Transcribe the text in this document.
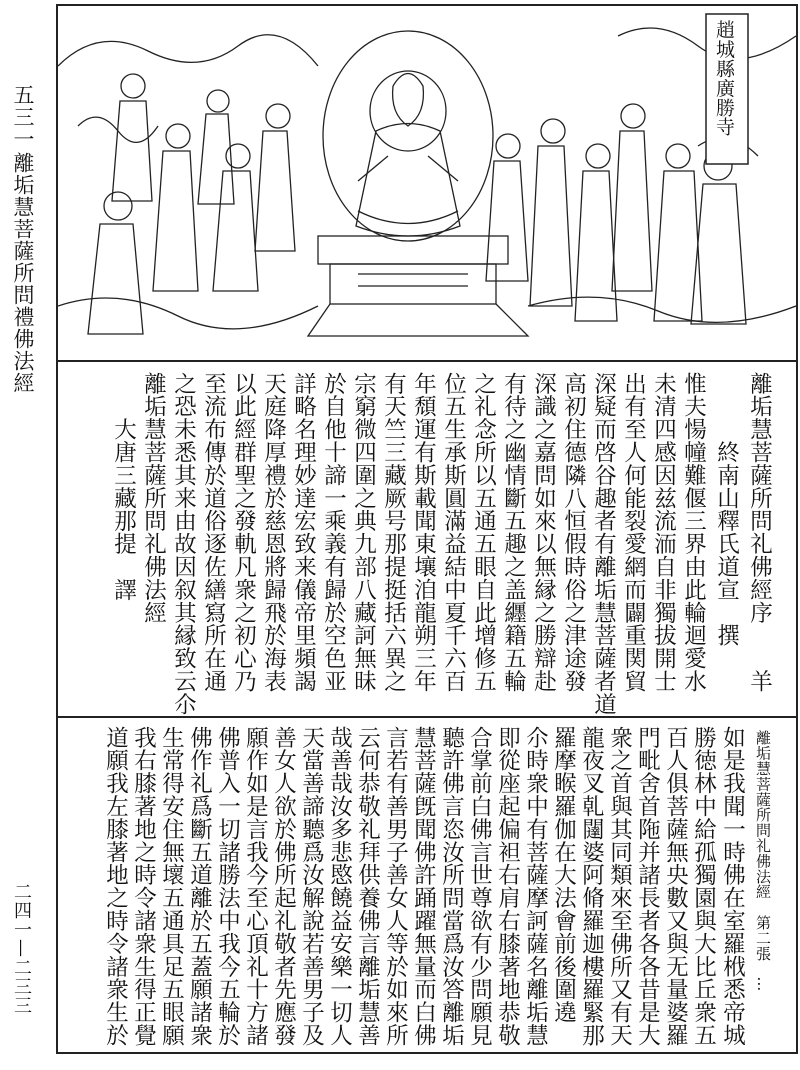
五三一
離垢慧菩薩所問禮佛法經
二四一—二三三
趙城縣廣勝寺
離垢慧菩薩所問礼佛經序　　羊
　　　終南山釋氏道宣　撰
惟夫愓幢難偃三界由此輪迴愛水
未清四感因兹流洏自非獨拔開士
出有至人何能裂愛網而闢重関貿
深疑而啓谷趣者有離垢慧菩薩者道
高初住德隣八恒假時俗之津途發
深識之嘉問如來以無縁之勝辯赴
有待之幽情斷五趣之盖纒籍五輪
之礼念所以五通五眼自此增修五
位五生承斯圓滿益結中夏千六百
年頹運有斯載聞東壤洎龍朔三年
有天竺三藏厥号那提挺括六異之
宗窮微四圍之典九部八藏訶無昧
於自他十諦一乘義有歸於空色亚
詳略名理妙達宏致来儀帝里頻謁
天庭降厚禮於慈恩將歸飛於海表
以此經群聖之發軌凡衆之初心乃
至流布傳於道俗逐佐繕寫所在通
之恐未悉其来由故因叙其縁致云尒
離垢慧菩薩所問礼佛法經
　　大唐三藏那提　譯
離垢慧菩薩所問礼佛法經　第二張　…
如是我聞一時佛在室羅栰悉帝城
勝徳林中給孤獨園與大比丘衆五
百人俱菩薩無央數又與无量婆羅
門毗舍首陁并諸長者各各昔是大
衆之首與其同類來至佛所又有天
龍夜叉乹闥婆阿脩羅迦樓羅緊那
羅摩睺羅伽在大法會前後圍遶
尒時衆中有菩薩摩訶薩名離垢慧
即從座起偏袒右肩右膝著地恭敬
合掌前白佛言世尊欲有少問願見
聽許佛言恣汝所問當爲汝答離垢
慧菩薩旣聞佛許踊躍無量而白佛
言若有善男子善女人等於如來所
云何恭敬礼拜供養佛言離垢慧善
哉善哉汝多悲愍饒益安樂一切人
天當善諦聽爲汝解說若善男子及
善女人欲於佛所起礼敬者先應發
願作如是言我今至心頂礼十方諸
佛普入一切諸勝法中我今五輪於
佛作礼爲斷五道離於五蓋願諸衆
生常得安住無壞五通具足五眼願
我右膝著地之時令諸衆生得正覺
道願我左膝著地之時令諸衆生於
